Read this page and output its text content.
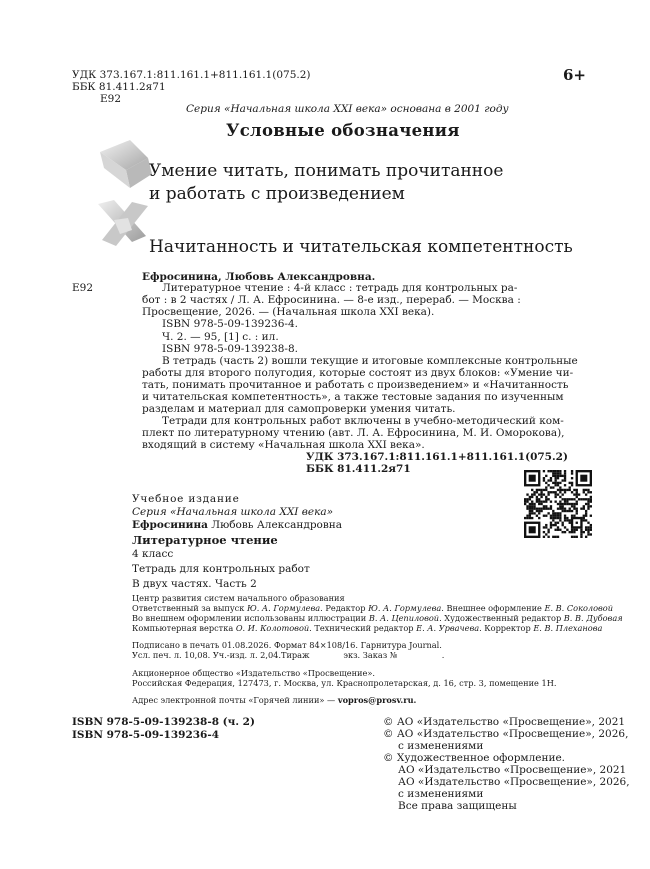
УДК 373.167.1:811.161.1+811.161.1(075.2)
ББК 81.411.2я71
Е92
6+
Серия «Начальная школа XXI века» основана в 2001 году
Условные обозначения
Умение читать, понимать прочитанное
и работать с произведением
Начитанность и читательская компетентность
Е92
Ефросинина, Любовь Александровна.
Литературное чтение : 4-й класс : тетрадь для контрольных ра-
бот : в 2 частях / Л. А. Ефросинина. — 8-е изд., перераб. — Москва :
Просвещение, 2026. — (Начальная школа XXI века).
ISBN 978-5-09-139236-4.
Ч. 2. — 95, [1] с. : ил.
ISBN 978-5-09-139238-8.
В тетрадь (часть 2) вошли текущие и итоговые комплексные контрольные
работы для второго полугодия, которые состоят из двух блоков: «Умение чи-
тать, понимать прочитанное и работать с произведением» и «Начитанность
и читательская компетентность», а также тестовые задания по изученным
разделам и материал для самопроверки умения читать.
Тетради для контрольных работ включены в учебно-методический ком-
плект по литературному чтению (авт. Л. А. Ефросинина, М. И. Оморокова),
входящий в систему «Начальная школа XXI века».
УДК 373.167.1:811.161.1+811.161.1(075.2)
ББК 81.411.2я71
Учебное издание
Серия «Начальная школа XXI века»
Ефросинина Любовь Александровна
Литературное чтение
4 класс
Тетрадь для контрольных работ
В двух частях. Часть 2
Центр развития систем начального образования
Ответственный за выпуск Ю. А. Гормулева. Редактор Ю. А. Гормулева. Внешнее оформление Е. В. Соколовой
Во внешнем оформлении использованы иллюстрации В. А. Цепиловой. Художественный редактор В. В. Дубовая
Компьютерная верстка О. И. Колотовой. Технический редактор Е. А. Урвачева. Корректор Е. В. Плеханова
Подписано в печать 01.08.2026. Формат 84×108/16. Гарнитура Journal.
Усл. печ. л. 10,08. Уч.-изд. л. 2,04.Тираж             экз. Заказ №                 .
Акционерное общество «Издательство «Просвещение».
Российская Федерация, 127473, г. Москва, ул. Краснопролетарская, д. 16, стр. 3, помещение 1Н.
Адрес электронной почты «Горячей линии» — vopros@prosv.ru.
ISBN 978-5-09-139238-8 (ч. 2)
ISBN 978-5-09-139236-4
© АО «Издательство «Просвещение», 2021
© АО «Издательство «Просвещение», 2026,
с изменениями
© Художественное оформление.
АО «Издательство «Просвещение», 2021
АО «Издательство «Просвещение», 2026,
с изменениями
Все права защищены
